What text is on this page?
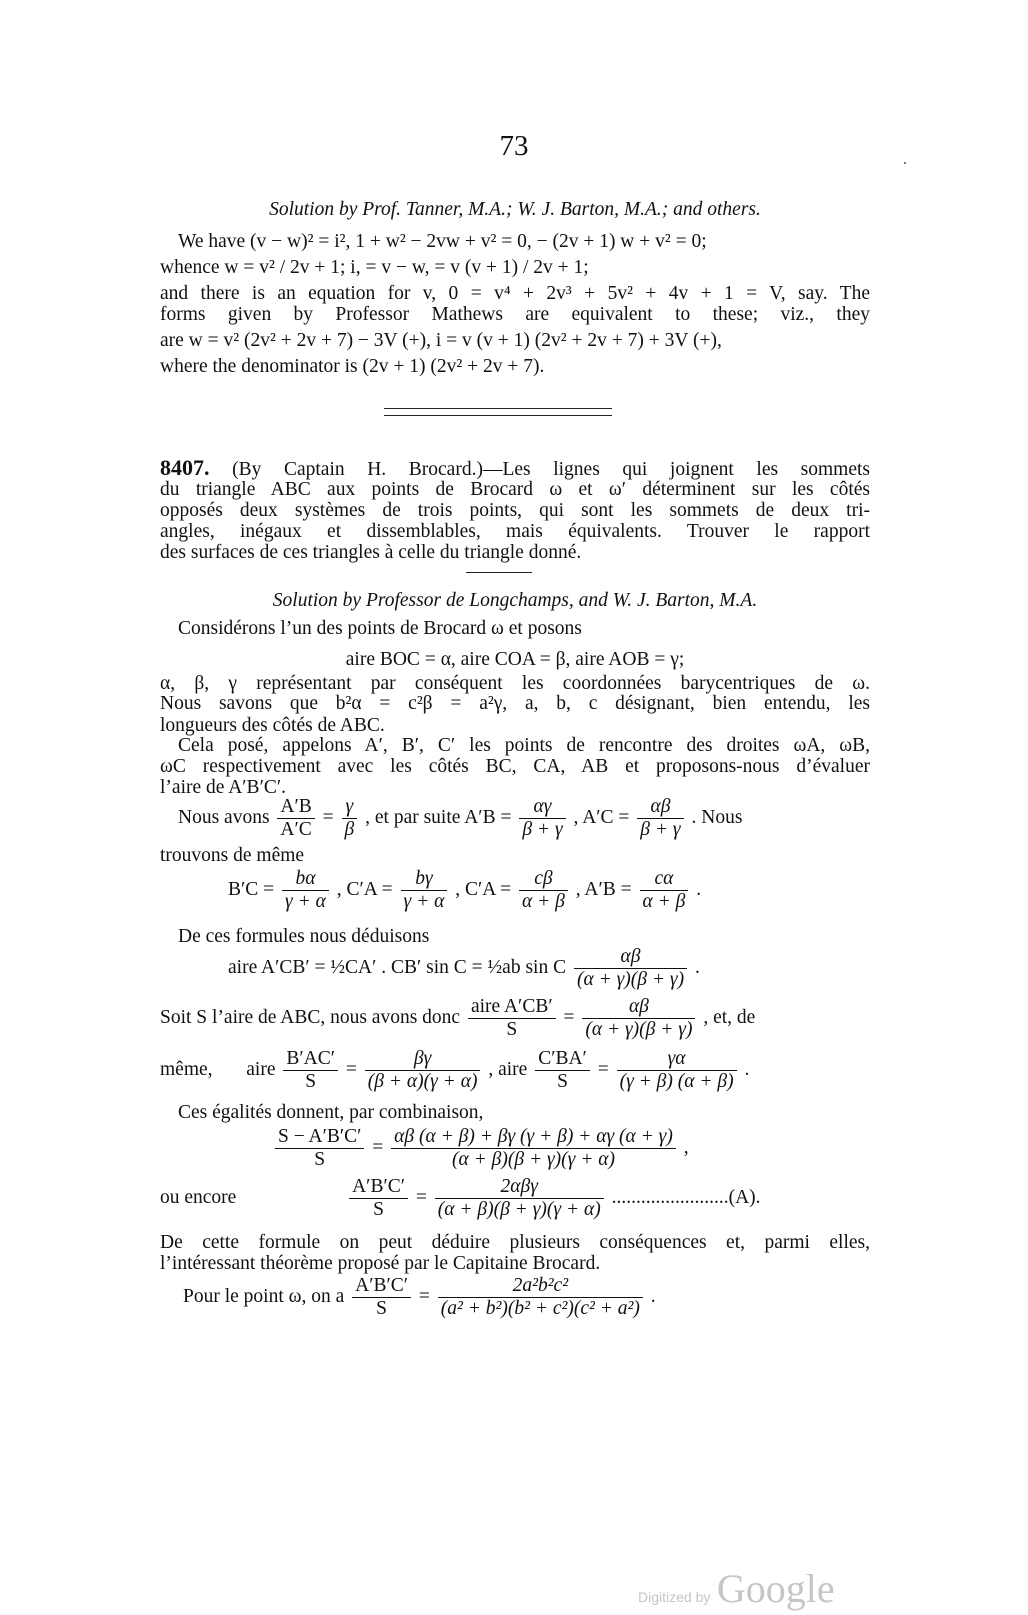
73
Solution by Prof. Tanner, M.A.; W. J. Barton, M.A.; and others.
We have (v − w)² = i², 1 + w² − 2vw + v² = 0, − (2v + 1) w + v² = 0;
whence w = v² / 2v + 1; i, = v − w, = v (v + 1) / 2v + 1;
and there is an equation for v, 0 = v⁴ + 2v³ + 5v² + 4v + 1 = V, say. The
forms given by Professor Mathews are equivalent to these; viz., they
are w = v² (2v² + 2v + 7) − 3V (+), i = v (v + 1) (2v² + 2v + 7) + 3V (+),
where the denominator is (2v + 1) (2v² + 2v + 7).
8407. (By Captain H. Brocard.)—Les lignes qui joignent les sommets
du triangle ABC aux points de Brocard ω et ω′ déterminent sur les côtés
opposés deux systèmes de trois points, qui sont les sommets de deux tri-
angles, inégaux et dissemblables, mais équivalents. Trouver le rapport
des surfaces de ces triangles à celle du triangle donné.
Solution by Professor de Longchamps, and W. J. Barton, M.A.
Considérons l’un des points de Brocard ω et posons
aire BOC = α, aire COA = β, aire AOB = γ;
α, β, γ représentant par conséquent les coordonnées barycentriques de ω.
Nous savons que b²α = c²β = a²γ, a, b, c désignant, bien entendu, les
longueurs des côtés de ABC.
Cela posé, appelons A′, B′, C′ les points de rencontre des droites ωA, ωB,
ωC respectivement avec les côtés BC, CA, AB et proposons-nous d’évaluer
l’aire de A′B′C′.
Nous avons $\frac{A'B}{A'C} = \frac{\gamma}{\beta}$ , et par suite $A'B = \frac{\alpha\gamma}{\beta + \gamma}$ , $A'C = \frac{\alpha\beta}{\beta + \gamma}$ . Nous
trouvons de même
$B'C = \frac{b\alpha}{\gamma + \alpha}$ , $C'A = \frac{b\gamma}{\gamma + \alpha}$ , $C'A = \frac{c\beta}{\alpha + \beta}$ , $A'B = \frac{c\alpha}{\alpha + \beta}$ .
De ces formules nous déduisons
aire A′CB′ = ½CA′ . CB′ sin C = ½ab sin C $\frac{\alpha\beta}{(\alpha + \gamma)(\beta + \gamma)}$ .
Soit S l’aire de ABC, nous avons donc $\frac{\text{aire A′CB′}}{S} = \frac{\alpha\beta}{(\alpha + \gamma)(\beta + \gamma)}$ , et, de
même, aire $\frac{B'AC'}{S} = \frac{\beta\gamma}{(\beta + \alpha)(\gamma + \alpha)}$ , aire $\frac{C'BA'}{S} = \frac{\gamma\alpha}{(\gamma + \beta) (\alpha + \beta)}$ .
Ces égalités donnent, par combinaison,
$\frac{S - A'B'C'}{S} = \frac{\alpha\beta (\alpha + \beta) + \beta\gamma (\gamma + \beta) + \alpha\gamma (\alpha + \gamma)}{(\alpha + \beta)(\beta + \gamma)(\gamma + \alpha)}$ ,
ou encore	$\frac{A'B'C'}{S} = \frac{\text{2αβγ}}{(\alpha + \beta)(\beta + \gamma)(\gamma + \alpha)} ........................(A)$.
De cette formule on peut déduire plusieurs conséquences et, parmi elles,
l’intéressant théorème proposé par le Capitaine Brocard.
Pour le point ω, on a $\frac{A'B'C'}{S} = \frac{\text{2a²b²c²}}{\text{(a² + b²)(b² + c²)(c² + a²)}}$ .
Digitized by Google
